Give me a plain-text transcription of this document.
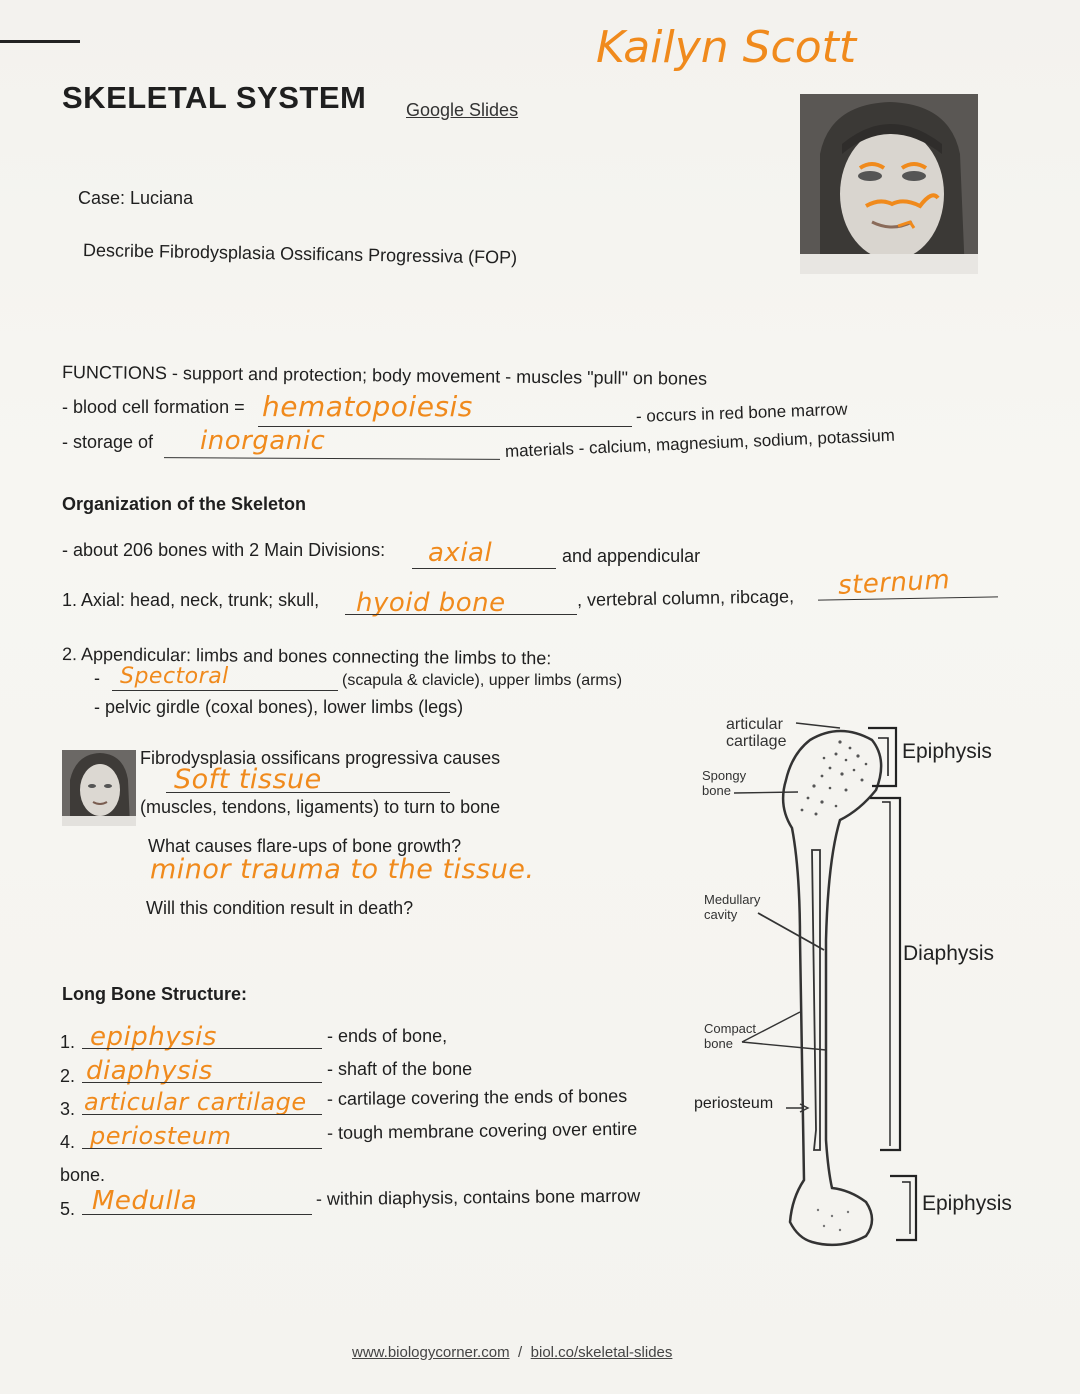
Kailyn Scott
SKELETAL SYSTEM Google Slides
Case: Luciana
Describe Fibrodysplasia Ossificans Progressiva (FOP)
FUNCTIONS - support and protection; body movement - muscles "pull" on bones
- blood cell formation = hematopoiesis	- occurs in red bone marrow
- storage of inorganic	materials - calcium, magnesium, sodium, potassium
Organization of the Skeleton
- about 206 bones with 2 Main Divisions: axial	and appendicular
1. Axial: head, neck, trunk; skull, hyoid bone	, vertebral column, ribcage, sternum
2. Appendicular: limbs and bones connecting the limbs to the:
- Spectoral	(scapula & clavicle), upper limbs (arms)
- pelvic girdle (coxal bones), lower limbs (legs)
Fibrodysplasia ossificans progressiva causes
Soft tissue
(muscles, tendons, ligaments) to turn to bone
What causes flare-ups of bone growth?
minor trauma to the tissue.
Will this condition result in death?
Long Bone Structure:
1. epiphysis	- ends of bone,
2. diaphysis	- shaft of the bone
3. articular cartilage - cartilage covering the ends of bones
4. periosteum	- tough membrane covering over entire
bone.
5. Medulla	- within diaphysis, contains bone marrow
articular
cartilage
Spongy
bone
Medullary
cavity
Compact
bone
periosteum
Epiphysis
Diaphysis
Epiphysis
www.biologycorner.com / biol.co/skeletal-slides
